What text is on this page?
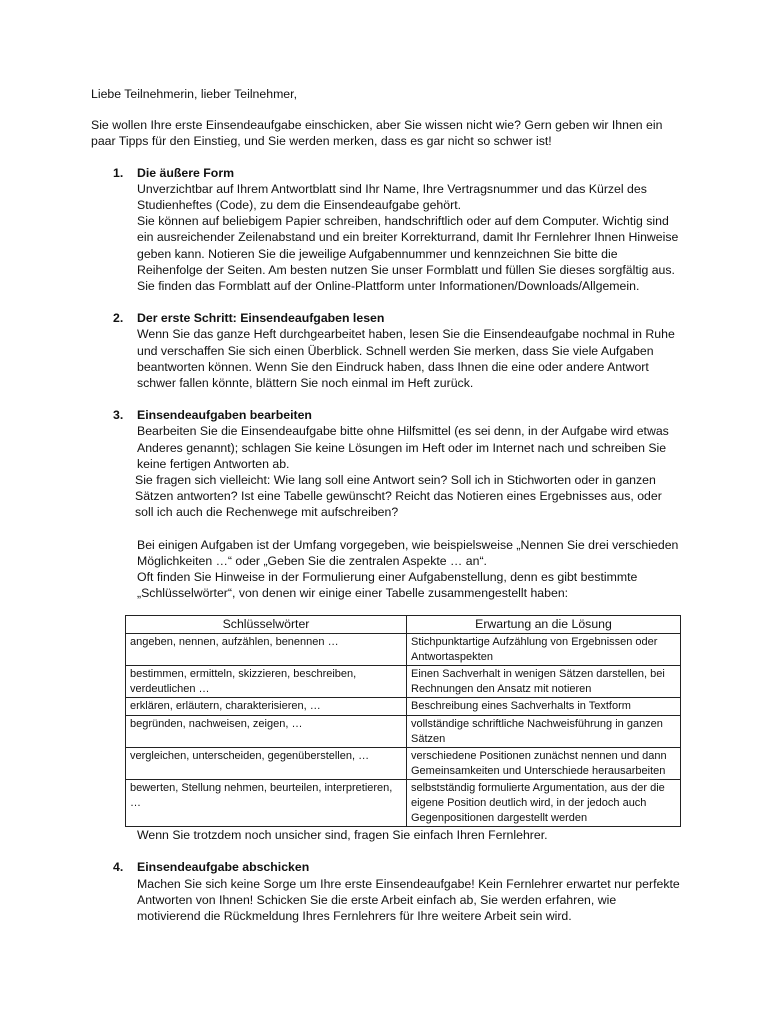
Liebe Teilnehmerin, lieber Teilnehmer,

Sie wollen Ihre erste Einsendeaufgabe einschicken, aber Sie wissen nicht wie? Gern geben wir Ihnen ein paar Tipps für den Einstieg, und Sie werden merken, dass es gar nicht so schwer ist!

1. Die äußere Form

Unverzichtbar auf Ihrem Antwortblatt sind Ihr Name, Ihre Vertragsnummer und das Kürzel des Studienheftes (Code), zu dem die Einsendeaufgabe gehört.

Sie können auf beliebigem Papier schreiben, handschriftlich oder auf dem Computer. Wichtig sind ein ausreichender Zeilenabstand und ein breiter Korrekturrand, damit Ihr Fernlehrer Ihnen Hinweise geben kann. Notieren Sie die jeweilige Aufgabennummer und kennzeichnen Sie bitte die Reihenfolge der Seiten. Am besten nutzen Sie unser Formblatt und füllen Sie dieses sorgfältig aus. Sie finden das Formblatt auf der Online-Plattform unter Informationen/Downloads/Allgemein.

2. Der erste Schritt: Einsendeaufgaben lesen

Wenn Sie das ganze Heft durchgearbeitet haben, lesen Sie die Einsendeaufgabe nochmal in Ruhe und verschaffen Sie sich einen Überblick. Schnell werden Sie merken, dass Sie viele Aufgaben beantworten können. Wenn Sie den Eindruck haben, dass Ihnen die eine oder andere Antwort schwer fallen könnte, blättern Sie noch einmal im Heft zurück.

3. Einsendeaufgaben bearbeiten

Bearbeiten Sie die Einsendeaufgabe bitte ohne Hilfsmittel (es sei denn, in der Aufgabe wird etwas Anderes genannt); schlagen Sie keine Lösungen im Heft oder im Internet nach und schreiben Sie keine fertigen Antworten ab.

Sie fragen sich vielleicht: Wie lang soll eine Antwort sein? Soll ich in Stichworten oder in ganzen Sätzen antworten? Ist eine Tabelle gewünscht? Reicht das Notieren eines Ergebnisses aus, oder soll ich auch die Rechenwege mit aufschreiben?

Bei einigen Aufgaben ist der Umfang vorgegeben, wie beispielsweise „Nennen Sie drei verschieden Möglichkeiten …“ oder „Geben Sie die zentralen Aspekte … an“.

Oft finden Sie Hinweise in der Formulierung einer Aufgabenstellung, denn es gibt bestimmte „Schlüsselwörter“, von denen wir einige einer Tabelle zusammengestellt haben:

Schlüsselwörter	Erwartung an die Lösung
angeben, nennen, aufzählen, benennen …	Stichpunktartige Aufzählung von Ergebnissen oder Antwortaspekten
bestimmen, ermitteln, skizzieren, beschreiben, verdeutlichen …	Einen Sachverhalt in wenigen Sätzen darstellen, bei Rechnungen den Ansatz mit notieren
erklären, erläutern, charakterisieren, …	Beschreibung eines Sachverhalts in Textform
begründen, nachweisen, zeigen, …	vollständige schriftliche Nachweisführung in ganzen Sätzen
vergleichen, unterscheiden, gegenüberstellen, …	verschiedene Positionen zunächst nennen und dann Gemeinsamkeiten und Unterschiede herausarbeiten
bewerten, Stellung nehmen, beurteilen, interpretieren, …	selbstständig formulierte Argumentation, aus der die eigene Position deutlich wird, in der jedoch auch Gegenpositionen dargestellt werden

Wenn Sie trotzdem noch unsicher sind, fragen Sie einfach Ihren Fernlehrer.

4. Einsendeaufgabe abschicken

Machen Sie sich keine Sorge um Ihre erste Einsendeaufgabe! Kein Fernlehrer erwartet nur perfekte Antworten von Ihnen! Schicken Sie die erste Arbeit einfach ab, Sie werden erfahren, wie motivierend die Rückmeldung Ihres Fernlehrers für Ihre weitere Arbeit sein wird.
